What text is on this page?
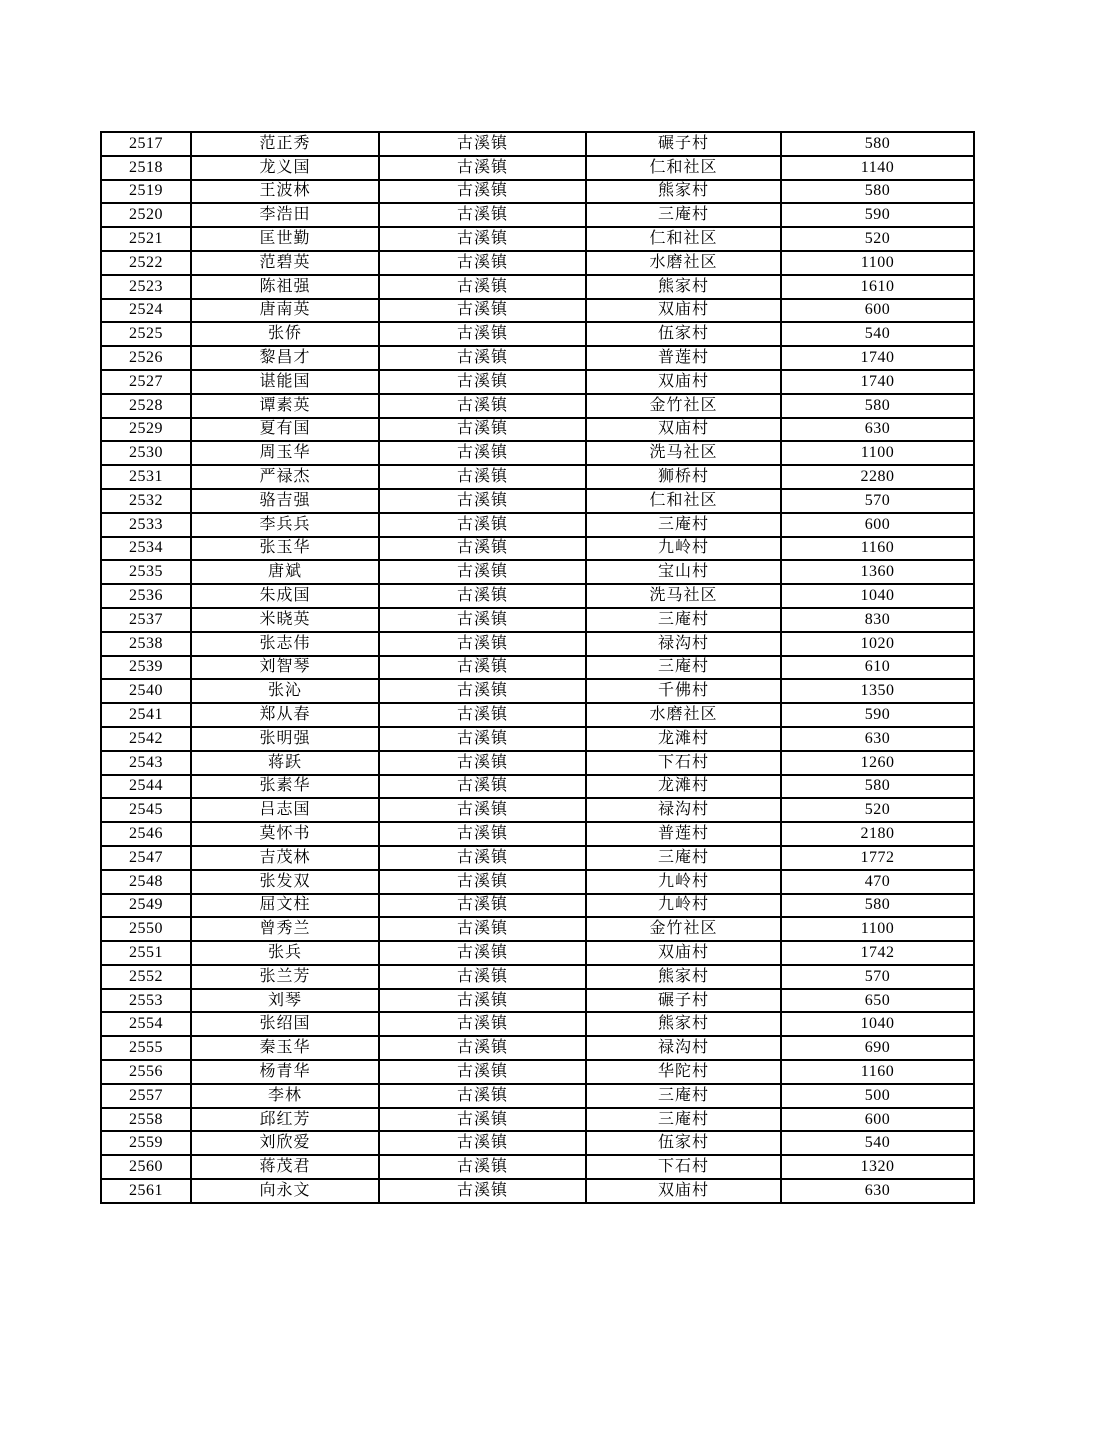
2517	范正秀	古溪镇	碾子村	580
2518	龙义国	古溪镇	仁和社区	1140
2519	王波林	古溪镇	熊家村	580
2520	李浩田	古溪镇	三庵村	590
2521	匡世勤	古溪镇	仁和社区	520
2522	范碧英	古溪镇	水磨社区	1100
2523	陈祖强	古溪镇	熊家村	1610
2524	唐南英	古溪镇	双庙村	600
2525	张侨	古溪镇	伍家村	540
2526	黎昌才	古溪镇	普莲村	1740
2527	谌能国	古溪镇	双庙村	1740
2528	谭素英	古溪镇	金竹社区	580
2529	夏有国	古溪镇	双庙村	630
2530	周玉华	古溪镇	洗马社区	1100
2531	严禄杰	古溪镇	狮桥村	2280
2532	骆吉强	古溪镇	仁和社区	570
2533	李兵兵	古溪镇	三庵村	600
2534	张玉华	古溪镇	九岭村	1160
2535	唐斌	古溪镇	宝山村	1360
2536	朱成国	古溪镇	洗马社区	1040
2537	米晓英	古溪镇	三庵村	830
2538	张志伟	古溪镇	禄沟村	1020
2539	刘智琴	古溪镇	三庵村	610
2540	张沁	古溪镇	千佛村	1350
2541	郑从春	古溪镇	水磨社区	590
2542	张明强	古溪镇	龙滩村	630
2543	蒋跃	古溪镇	下石村	1260
2544	张素华	古溪镇	龙滩村	580
2545	吕志国	古溪镇	禄沟村	520
2546	莫怀书	古溪镇	普莲村	2180
2547	吉茂林	古溪镇	三庵村	1772
2548	张发双	古溪镇	九岭村	470
2549	屈文柱	古溪镇	九岭村	580
2550	曾秀兰	古溪镇	金竹社区	1100
2551	张兵	古溪镇	双庙村	1742
2552	张兰芳	古溪镇	熊家村	570
2553	刘琴	古溪镇	碾子村	650
2554	张绍国	古溪镇	熊家村	1040
2555	秦玉华	古溪镇	禄沟村	690
2556	杨青华	古溪镇	华陀村	1160
2557	李林	古溪镇	三庵村	500
2558	邱红芳	古溪镇	三庵村	600
2559	刘欣爱	古溪镇	伍家村	540
2560	蒋茂君	古溪镇	下石村	1320
2561	向永文	古溪镇	双庙村	630
